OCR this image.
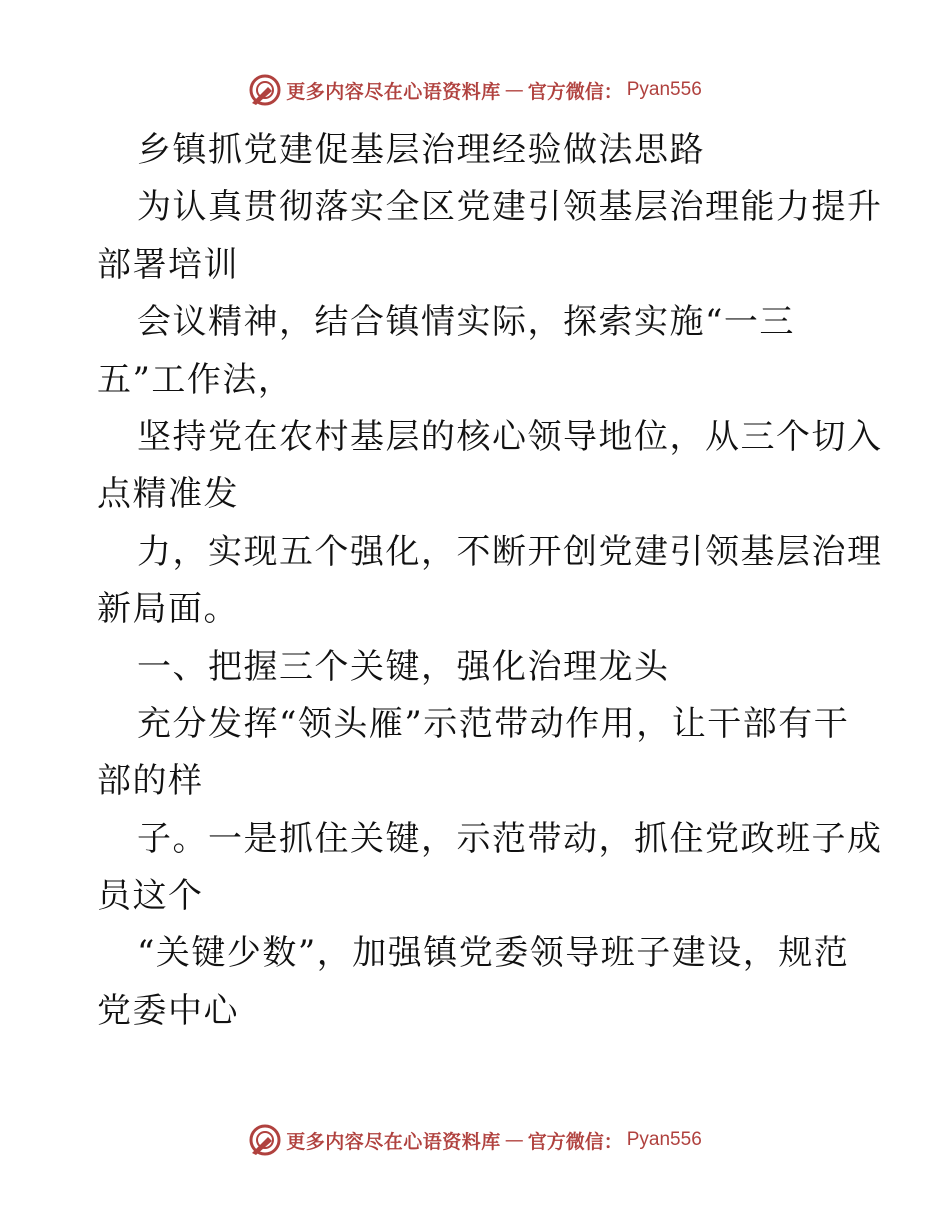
更多内容尽在心语资料库 — 官方微信： Pyan556
乡镇抓党建促基层治理经验做法思路
为认真贯彻落实全区党建引领基层治理能力提升
部署培训
会议精神，结合镇情实际，探索实施“一三
五”工作法，
坚持党在农村基层的核心领导地位，从三个切入
点精准发
力，实现五个强化，不断开创党建引领基层治理
新局面。
一、把握三个关键，强化治理龙头
充分发挥“领头雁”示范带动作用，让干部有干
部的样
子。一是抓住关键，示范带动，抓住党政班子成
员这个
“关键少数”，加强镇党委领导班子建设，规范
党委中心
更多内容尽在心语资料库 — 官方微信： Pyan556
